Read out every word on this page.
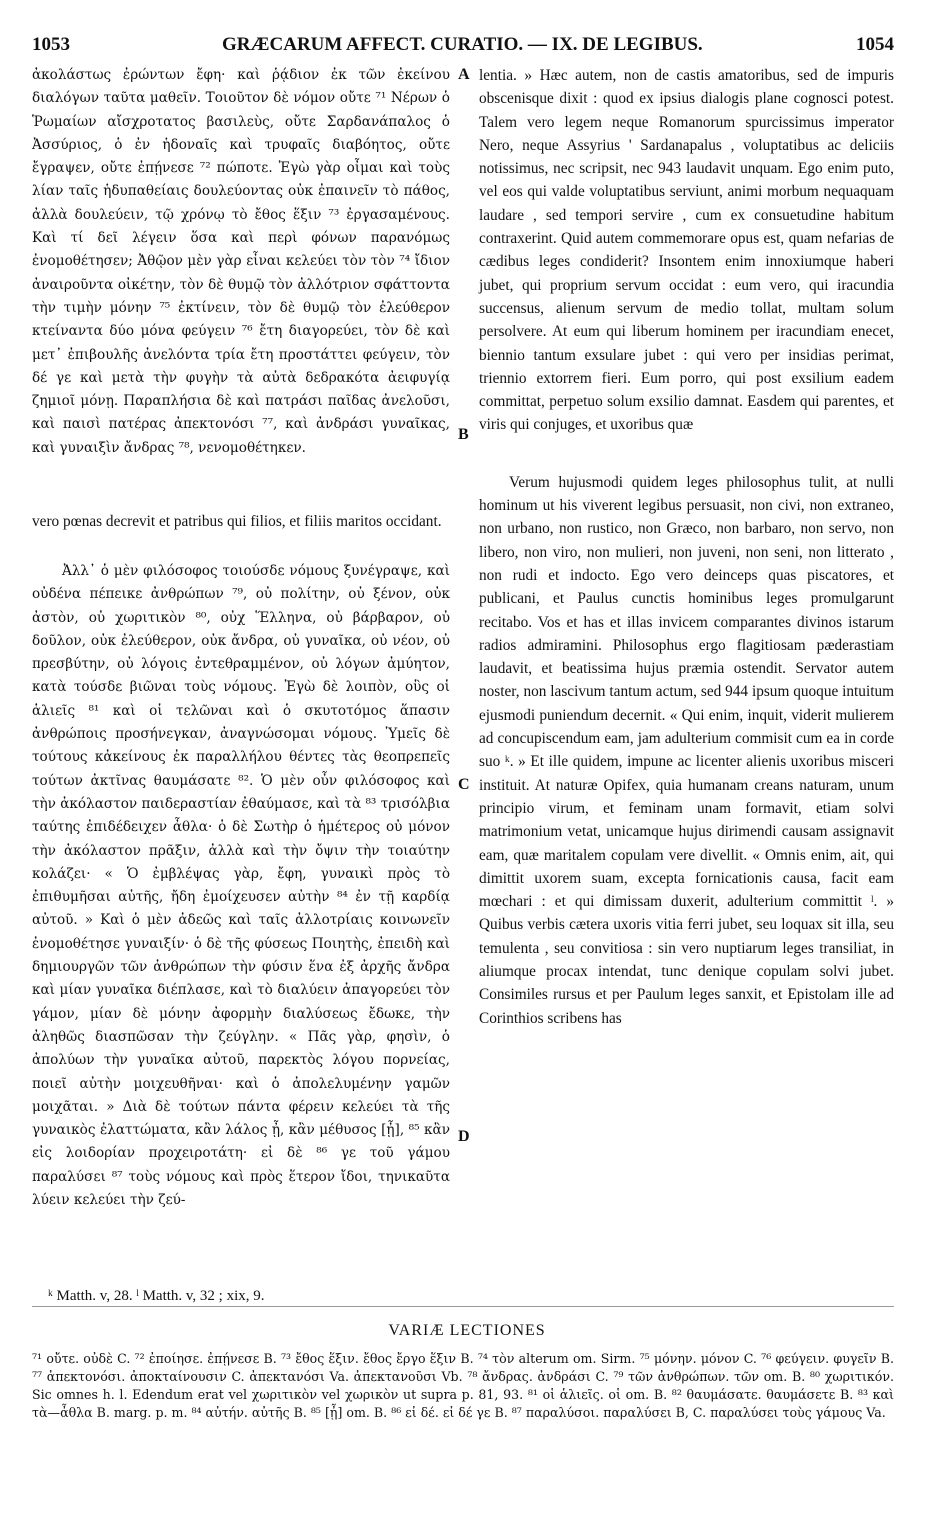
1053	GRÆCARUM AFFECT. CURATIO. — IX. DE LEGIBUS.	1054

ἀκολάστως ἐρώντων ἔφη· καὶ ῥᾴδιον ἐκ τῶν ἐκείνου διαλόγων ταῦτα μαθεῖν. Τοιοῦτον δὲ νόμον οὔτε ⁷¹ Νέρων ὁ Ῥωμαίων αἴσχροτατος βασιλεὺς, οὔτε Σαρδανάπαλος ὁ Ἀσσύριος, ὁ ἐν ἡδοναῖς καὶ τρυφαῖς διαβόητος, οὔτε ἔγραψεν, οὔτε ἐπῄνεσε ⁷² πώποτε. Ἐγὼ γὰρ οἶμαι καὶ τοὺς λίαν ταῖς ἡδυπαθείαις δουλεύοντας οὐκ ἐπαινεῖν τὸ πάθος, ἀλλὰ δουλεύειν, τῷ χρόνῳ τὸ ἔθος ἕξιν ⁷³ ἐργασαμένους. Καὶ τί δεῖ λέγειν ὅσα καὶ περὶ φόνων παρανόμως ἐνομοθέτησεν; Ἀθῷον μὲν γὰρ εἶναι κελεύει τὸν τὸν ⁷⁴ ἴδιον ἀναιροῦντα οἰκέτην, τὸν δὲ θυμῷ τὸν ἀλλότριον σφάττοντα τὴν τιμὴν μόνην ⁷⁵ ἐκτίνειν, τὸν δὲ θυμῷ τὸν ἐλεύθερον κτείναντα δύο μόνα φεύγειν ⁷⁶ ἔτη διαγορεύει, τὸν δὲ καὶ μετ᾽ ἐπιβουλῆς ἀνελόντα τρία ἔτη προστάττει φεύγειν, τὸν δέ γε καὶ μετὰ τὴν φυγὴν τὰ αὐτὰ δεδρακότα ἀειφυγίᾳ ζημιοῖ μόνῃ. Παραπλήσια δὲ καὶ πατράσι παῖδας ἀνελοῦσι, καὶ παισὶ πατέρας ἀπεκτονόσι ⁷⁷, καὶ ἀνδράσι γυναῖκας, καὶ γυναιξὶν ἄνδρας ⁷⁸, νενομοθέτηκεν.

vero pœnas decrevit et patribus qui filios, et filiis maritos occidant.

Ἀλλ᾽ ὁ μὲν φιλόσοφος τοιούσδε νόμους ξυνέγραψε, καὶ οὐδένα πέπεικε ἀνθρώπων ⁷⁹, οὐ πολίτην, οὐ ξένον, οὐκ ἀστὸν, οὐ χωριτικὸν ⁸⁰, οὐχ Ἕλληνα, οὐ βάρβαρον, οὐ δοῦλον, οὐκ ἐλεύθερον, οὐκ ἄνδρα, οὐ γυναῖκα, οὐ νέον, οὐ πρεσβύτην, οὐ λόγοις ἐντεθραμμένον, οὐ λόγων ἀμύητον, κατὰ τούσδε βιῶναι τοὺς νόμους. Ἐγὼ δὲ λοιπὸν, οὓς οἱ ἁλιεῖς ⁸¹ καὶ οἱ τελῶναι καὶ ὁ σκυτοτόμος ἅπασιν ἀνθρώποις προσήνεγκαν, ἀναγνώσομαι νόμους. Ὑμεῖς δὲ τούτους κἀκείνους ἐκ παραλλήλου θέντες τὰς θεοπρεπεῖς τούτων ἀκτῖνας θαυμάσατε ⁸². Ὁ μὲν οὖν φιλόσοφος καὶ τὴν ἀκόλαστον παιδεραστίαν ἐθαύμασε, καὶ τὰ ⁸³ τρισόλβια ταύτης ἐπιδέδειχεν ἆθλα· ὁ δὲ Σωτὴρ ὁ ἡμέτερος οὐ μόνον τὴν ἀκόλαστον πρᾶξιν, ἀλλὰ καὶ τὴν ὄψιν τὴν τοιαύτην κολάζει· « Ὁ ἐμβλέψας γὰρ, ἔφη, γυναικὶ πρὸς τὸ ἐπιθυμῆσαι αὐτῆς, ἤδη ἐμοίχευσεν αὐτὴν ⁸⁴ ἐν τῇ καρδίᾳ αὐτοῦ. » Καὶ ὁ μὲν ἀδεῶς καὶ ταῖς ἀλλοτρίαις κοινωνεῖν ἐνομοθέτησε γυναιξίν· ὁ δὲ τῆς φύσεως Ποιητὴς, ἐπειδὴ καὶ δημιουργῶν τῶν ἀνθρώπων τὴν φύσιν ἕνα ἐξ ἀρχῆς ἄνδρα καὶ μίαν γυναῖκα διέπλασε, καὶ τὸ διαλύειν ἀπαγορεύει τὸν γάμον, μίαν δὲ μόνην ἀφορμὴν διαλύσεως ἔδωκε, τὴν ἀληθῶς διασπῶσαν τὴν ζεύγλην. « Πᾶς γὰρ, φησὶν, ὁ ἀπολύων τὴν γυναῖκα αὐτοῦ, παρεκτὸς λόγου πορνείας, ποιεῖ αὐτὴν μοιχευθῆναι· καὶ ὁ ἀπολελυμένην γαμῶν μοιχᾶται. » Διὰ δὲ τούτων πάντα φέρειν κελεύει τὰ τῆς γυναικὸς ἐλαττώματα, κἂν λάλος ᾖ, κἂν μέθυσος [ᾖ], ⁸⁵ κἂν εἰς λοιδορίαν προχειροτάτη· εἰ δὲ ⁸⁶ γε τοῦ γάμου παραλύσει ⁸⁷ τοὺς νόμους καὶ πρὸς ἕτερον ἴδοι, τηνικαῦτα λύειν κελεύει τὴν ζεύ-

lentia. » Hæc autem, non de castis amatoribus, sed de impuris obscenisque dixit : quod ex ipsius dialogis plane cognosci potest. Talem vero legem neque Romanorum spurcissimus imperator Nero, neque Assyrius ' Sardanapalus , voluptatibus ac deliciis notissimus, nec scripsit, nec 943 laudavit unquam. Ego enim puto, vel eos qui valde voluptatibus serviunt, animi morbum nequaquam laudare , sed tempori servire , cum ex consuetudine habitum contraxerint. Quid autem commemorare opus est, quam nefarias de cædibus leges condiderit? Insontem enim innoxiumque haberi jubet, qui proprium servum occidat : eum vero, qui iracundia succensus, alienum servum de medio tollat, multam solum persolvere. At eum qui liberum hominem per iracundiam enecet, biennio tantum exsulare jubet : qui vero per insidias perimat, triennio extorrem fieri. Eum porro, qui post exsilium eadem committat, perpetuo solum exsilio damnat. Easdem qui parentes, et viris qui conjuges, et uxoribus quæ

Verum hujusmodi quidem leges philosophus tulit, at nulli hominum ut his viverent legibus persuasit, non civi, non extraneo, non urbano, non rustico, non Græco, non barbaro, non servo, non libero, non viro, non mulieri, non juveni, non seni, non litterato , non rudi et indocto. Ego vero deinceps quas piscatores, et publicani, et Paulus cunctis hominibus leges promulgarunt recitabo. Vos et has et illas invicem comparantes divinos istarum radios admiramini. Philosophus ergo flagitiosam pæderastiam laudavit, et beatissima hujus præmia ostendit. Servator autem noster, non lascivum tantum actum, sed 944 ipsum quoque intuitum ejusmodi puniendum decernit. « Qui enim, inquit, viderit mulierem ad concupiscendum eam, jam adulterium commisit cum ea in corde suo ᵏ. » Et ille quidem, impune ac licenter alienis uxoribus misceri instituit. At naturæ Opifex, quia humanam creans naturam, unum principio virum, et feminam unam formavit, etiam solvi matrimonium vetat, unicamque hujus dirimendi causam assignavit eam, quæ maritalem copulam vere divellit. « Omnis enim, ait, qui dimittit uxorem suam, excepta fornicationis causa, facit eam mœchari : et qui dimissam duxerit, adulterium committit ˡ. » Quibus verbis cætera uxoris vitia ferri jubet, seu loquax sit illa, seu temulenta , seu convitiosa : sin vero nuptiarum leges transiliat, in aliumque procax intendat, tunc denique copulam solvi jubet. Consimiles rursus et per Paulum leges sanxit, et Epistolam ille ad Corinthios scribens has

A
B
C
D
ᵏ Matth. v, 28. ˡ Matth. v, 32 ; xix, 9.
VARIÆ LECTIONES
⁷¹ οὔτε. οὐδὲ C. ⁷² ἐποίησε. ἐπῄνεσε B. ⁷³ ἔθος ἕξιν. ἔθος ἔργο ἕξιν B. ⁷⁴ τὸν alterum om. Sirm. ⁷⁵ μόνην. μόνον C. ⁷⁶ φεύγειν. φυγεῖν B. ⁷⁷ ἀπεκτονόσι. ἀποκταίνουσιν C. ἀπεκτανόσι Va. ἀπεκτανοῦσι Vb. ⁷⁸ ἄνδρας. ἀνδράσι C. ⁷⁹ τῶν ἀνθρώπων. τῶν om. B. ⁸⁰ χωριτικόν. Sic omnes h. l. Edendum erat vel χωριτικὸν vel χωρικὸν ut supra p. 81, 93. ⁸¹ οἱ ἁλιεῖς. οἱ om. B. ⁸² θαυμάσατε. θαυμάσετε B. ⁸³ καὶ τὰ—ἆθλα B. marg. p. m. ⁸⁴ αὐτήν. αὐτῆς B. ⁸⁵ [ᾖ] om. B. ⁸⁶ εἰ δέ. εἰ δέ γε B. ⁸⁷ παραλύσοι. παραλύσει B, C. παραλύσει τοὺς γάμους Va.
